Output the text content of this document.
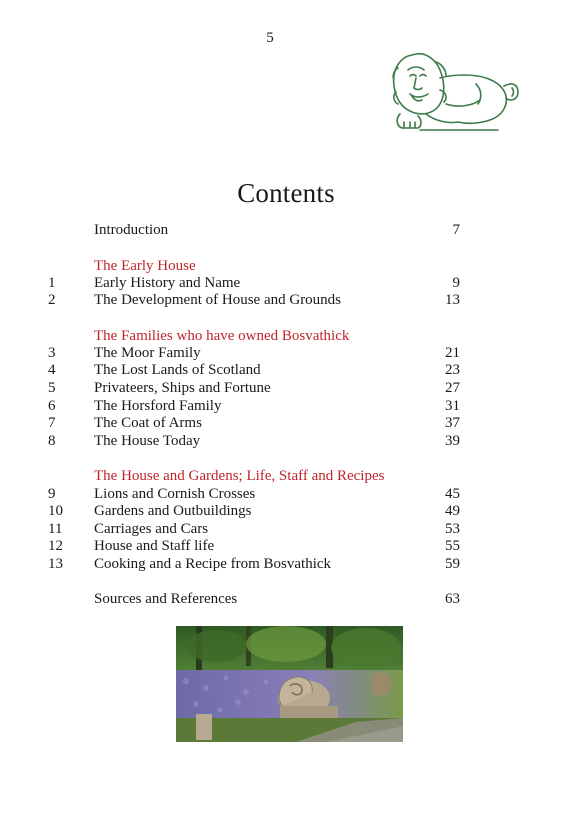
5
Contents
Introduction	7
The Early House
1	Early History and Name	9
2	The Development of House and Grounds	13
The Families who have owned Bosvathick
3	The Moor Family	21
4	The Lost Lands of Scotland	23
5	Privateers, Ships and Fortune	27
6	The Horsford Family	31
7	The Coat of Arms	37
8	The House Today	39
The House and Gardens; Life, Staff and Recipes
9	Lions and Cornish Crosses	45
10	Gardens and Outbuildings	49
11	Carriages and Cars	53
12	House and Staff life	55
13	Cooking and a Recipe from Bosvathick	59
Sources and References	63
